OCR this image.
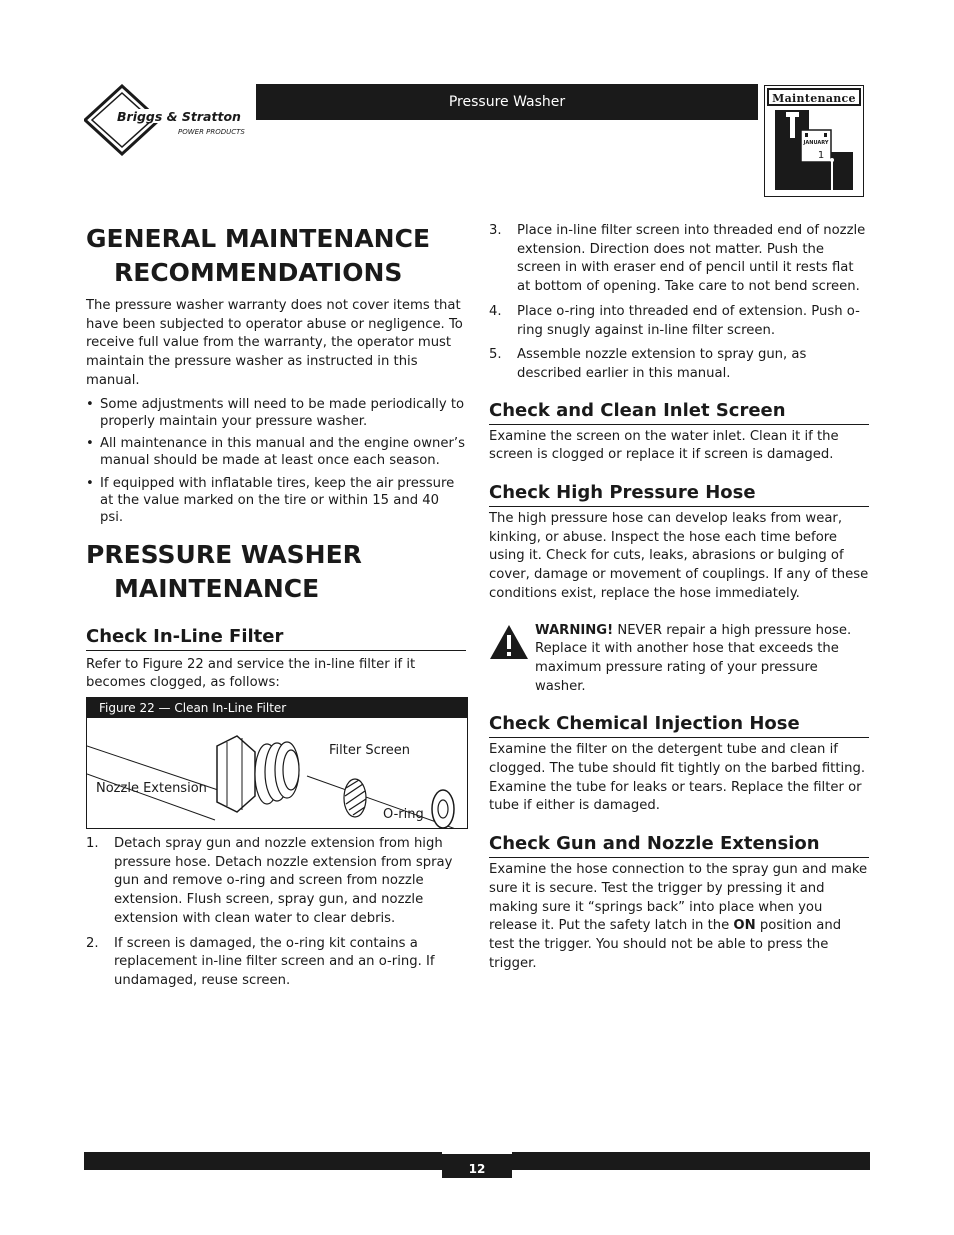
Briggs & Stratton
POWER PRODUCTS
Pressure Washer	Maintenance
JANUARY
1
GENERAL MAINTENANCE
RECOMMENDATIONS

The pressure washer warranty does not cover items that have been subjected to operator abuse or negligence. To receive full value from the warranty, the operator must maintain the pressure washer as instructed in this manual.

• Some adjustments will need to be made periodically to properly maintain your pressure washer.
• All maintenance in this manual and the engine owner’s manual should be made at least once each season.
• If equipped with inflatable tires, keep the air pressure at the value marked on the tire or within 15 and 40 psi.
PRESSURE WASHER
MAINTENANCE
Check In-Line Filter

Refer to Figure 22 and service the in-line filter if it becomes clogged, as follows:

Figure 22 — Clean In-Line Filter
Filter Screen
Nozzle Extension
O-ring
1. Detach spray gun and nozzle extension from high pressure hose. Detach nozzle extension from spray gun and remove o-ring and screen from nozzle extension. Flush screen, spray gun, and nozzle extension with clean water to clear debris.
2. If screen is damaged, the o-ring kit contains a replacement in-line filter screen and an o-ring. If undamaged, reuse screen.
3. Place in-line filter screen into threaded end of nozzle extension. Direction does not matter. Push the screen in with eraser end of pencil until it rests flat at bottom of opening. Take care to not bend screen.
4. Place o-ring into threaded end of extension. Push o-ring snugly against in-line filter screen.
5. Assemble nozzle extension to spray gun, as described earlier in this manual.
Check and Clean Inlet Screen

Examine the screen on the water inlet. Clean it if the screen is clogged or replace it if screen is damaged.

Check High Pressure Hose

The high pressure hose can develop leaks from wear, kinking, or abuse. Inspect the hose each time before using it. Check for cuts, leaks, abrasions or bulging of cover, damage or movement of couplings. If any of these conditions exist, replace the hose immediately.

WARNING! NEVER repair a high pressure hose. Replace it with another hose that exceeds the maximum pressure rating of your pressure washer.
Check Chemical Injection Hose

Examine the filter on the detergent tube and clean if clogged. The tube should fit tightly on the barbed fitting. Examine the tube for leaks or tears. Replace the filter or tube if either is damaged.

Check Gun and Nozzle Extension

Examine the hose connection to the spray gun and make sure it is secure. Test the trigger by pressing it and making sure it “springs back” into place when you release it. Put the safety latch in the ON position and test the trigger. You should not be able to press the trigger.

12
